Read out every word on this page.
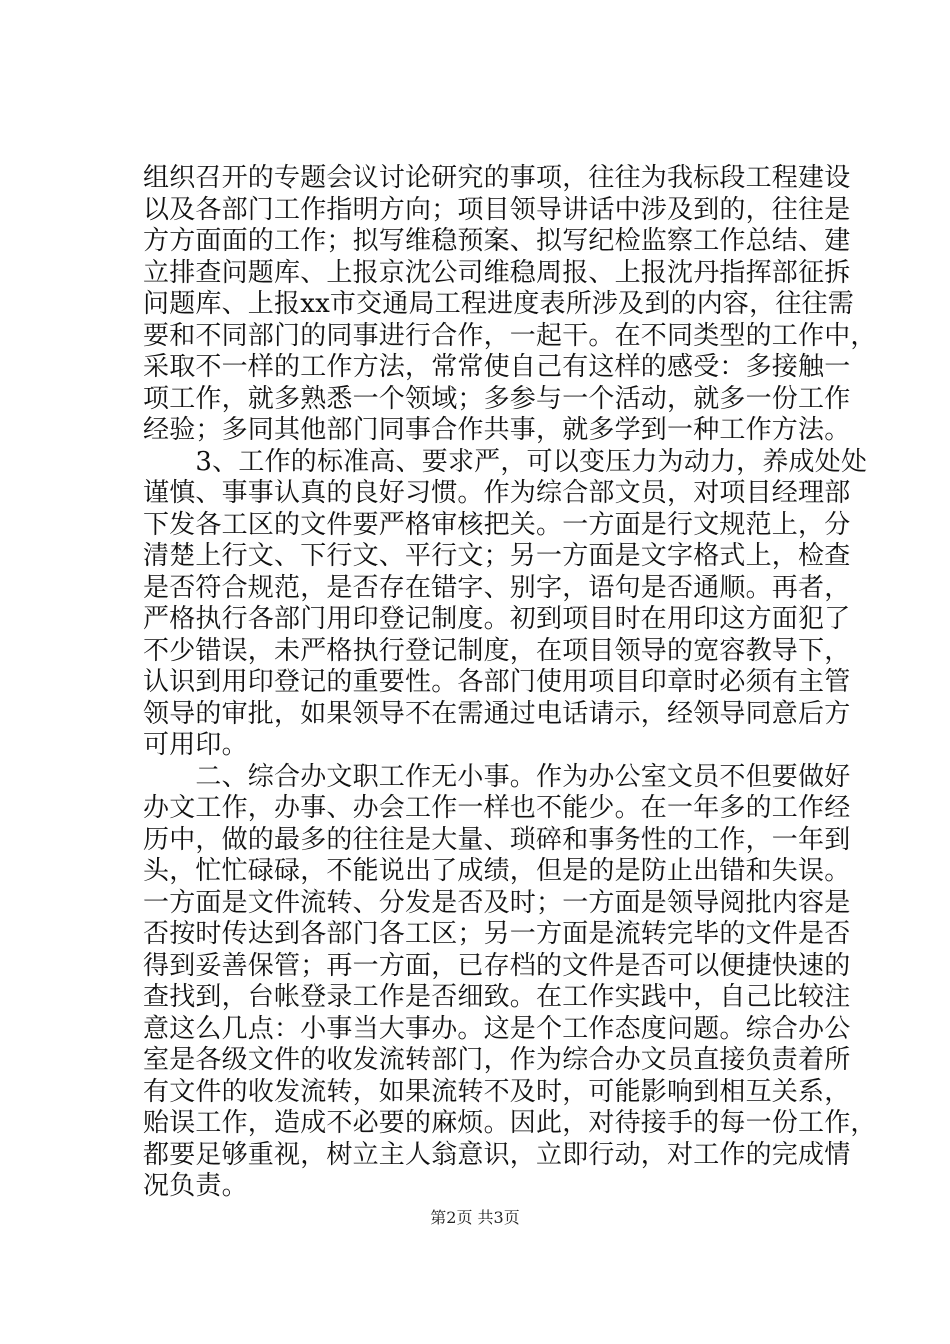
组织召开的专题会议讨论研究的事项，往往为我标段工程建设
以及各部门工作指明方向；项目领导讲话中涉及到的，往往是
方方面面的工作；拟写维稳预案、拟写纪检监察工作总结、建
立排查问题库、上报京沈公司维稳周报、上报沈丹指挥部征拆
问题库、上报xx市交通局工程进度表所涉及到的内容，往往需
要和不同部门的同事进行合作，一起干。在不同类型的工作中，
采取不一样的工作方法，常常使自己有这样的感受：多接触一
项工作，就多熟悉一个领域；多参与一个活动，就多一份工作
经验；多同其他部门同事合作共事，就多学到一种工作方法。
　　3、工作的标准高、要求严，可以变压力为动力，养成处处
谨慎、事事认真的良好习惯。作为综合部文员，对项目经理部
下发各工区的文件要严格审核把关。一方面是行文规范上，分
清楚上行文、下行文、平行文；另一方面是文字格式上，检查
是否符合规范，是否存在错字、别字，语句是否通顺。再者，
严格执行各部门用印登记制度。初到项目时在用印这方面犯了
不少错误，未严格执行登记制度，在项目领导的宽容教导下，
认识到用印登记的重要性。各部门使用项目印章时必须有主管
领导的审批，如果领导不在需通过电话请示，经领导同意后方
可用印。
　　二、综合办文职工作无小事。作为办公室文员不但要做好
办文工作，办事、办会工作一样也不能少。在一年多的工作经
历中，做的最多的往往是大量、琐碎和事务性的工作，一年到
头，忙忙碌碌，不能说出了成绩，但是的是防止出错和失误。
一方面是文件流转、分发是否及时；一方面是领导阅批内容是
否按时传达到各部门各工区；另一方面是流转完毕的文件是否
得到妥善保管；再一方面，已存档的文件是否可以便捷快速的
查找到，台帐登录工作是否细致。在工作实践中，自己比较注
意这么几点：小事当大事办。这是个工作态度问题。综合办公
室是各级文件的收发流转部门，作为综合办文员直接负责着所
有文件的收发流转，如果流转不及时，可能影响到相互关系，
贻误工作，造成不必要的麻烦。因此，对待接手的每一份工作，
都要足够重视，树立主人翁意识，立即行动，对工作的完成情
况负责。
第2页 共3页
